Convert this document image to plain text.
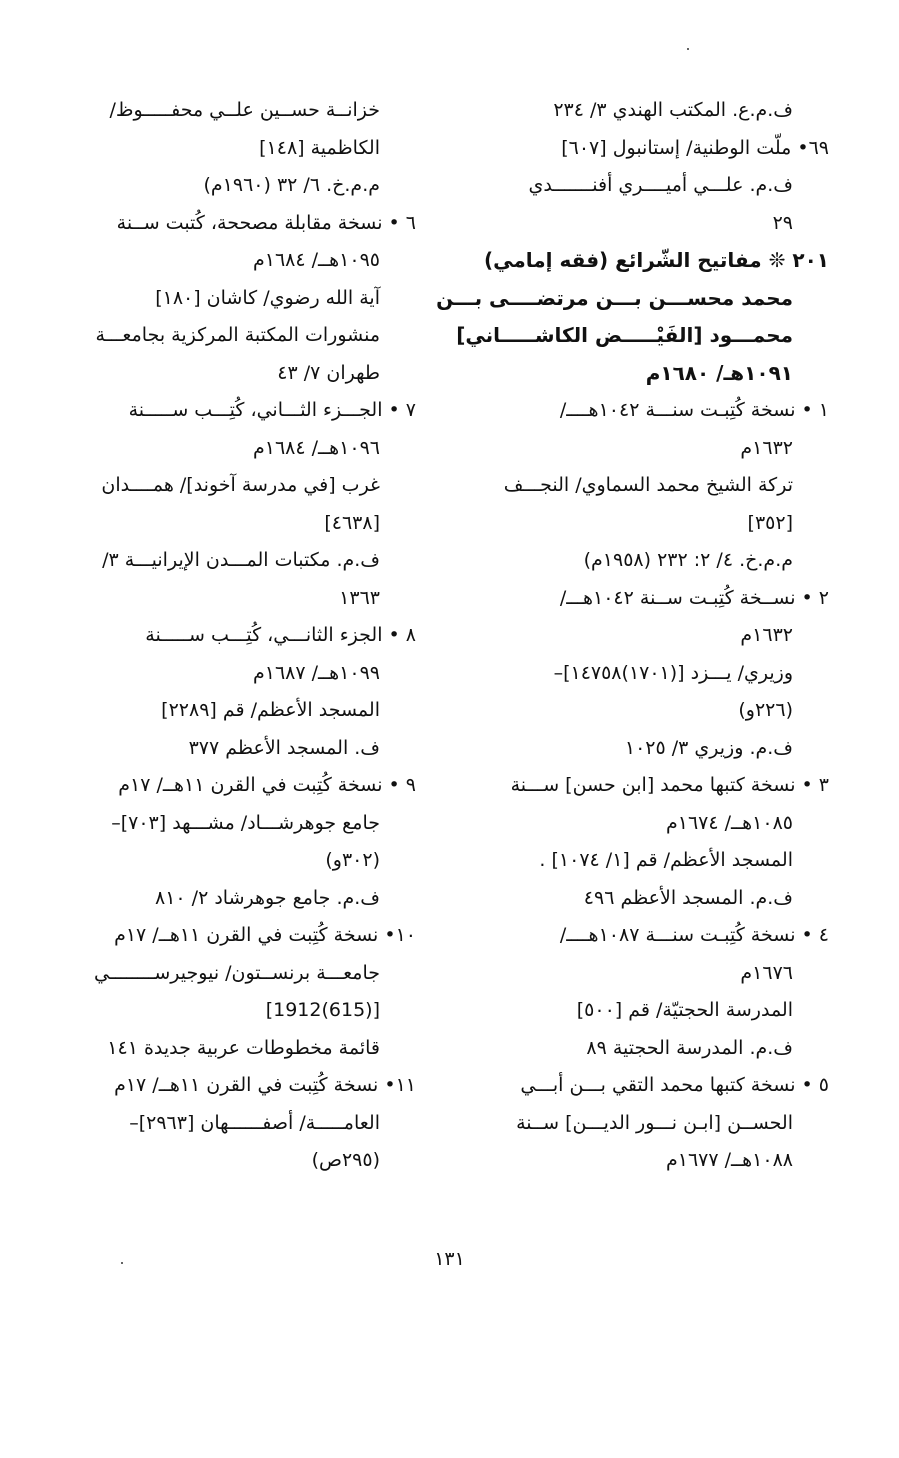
ف.م.ع. المكتب الهندي ٣/ ٢٣٤
٦٩• ملّت الوطنية/ إستانبول [٦٠٧]
ف.م. علـــي أميــــري أفنـــــــدي
٢٩
٢٠١ ❊ مفاتيح الشّرائع (فقه إمامي)
محمد محســـن بـــن مرتضــــى بـــن
محمـــود [الفَيْـــــض الكاشـــــاني]
١٠٩١هـ/ ١٦٨٠م
١ • نسخة كُتِبـت سنـــة ١٠٤٢هــــ/
١٦٣٢م
تركة الشيخ محمد السماوي/ النجـــف
[٣٥٢]
م.م.خ. ٤/ ٢: ٢٣٢ (١٩٥٨م)
٢ • نســخة كُتِبـت ســنة ١٠٤٢هـــ/
١٦٣٢م
وزيري/ يـــزد [(١٧٠١)١٤٧٥٨]–
(٢٢٦و)
ف.م. وزيري ٣/ ١٠٢٥
٣ • نسخة كتبها محمد [ابن حسن] ســـنة
١٠٨٥هــ/ ١٦٧٤م
المسجد الأعظم/ قم [١/ ١٠٧٤] .
ف.م. المسجد الأعظم ٤٩٦
٤ • نسخة كُتِبـت سنـــة ١٠٨٧هــــ/
١٦٧٦م
المدرسة الحجتيّة/ قم [٥٠٠]
ف.م. المدرسة الحجتية ٨٩
٥ • نسخة كتبها محمد التقي بـــن أبـــي
الحســن [ابـن نـــور الديـــن] ســنة
١٠٨٨هــ/ ١٦٧٧م
خزانــة حســين علــي محفـــــوظ/
الكاظمية [١٤٨]
م.م.خ. ٦/ ٣٢ (١٩٦٠م)
٦ • نسخة مقابلة مصححة، كُتبت ســنة
١٠٩٥هــ/ ١٦٨٤م
آية الله رضوي/ كاشان [١٨٠]
منشورات المكتبة المركزية بجامعـــة
طهران ٧/ ٤٣
٧ • الجـــزء الثـــاني، كُتِـــب ســـــنة
١٠٩٦هــ/ ١٦٨٤م
غرب [في مدرسة آخوند]/ همــــدان
[٤٦٣٨]
ف.م. مكتبات المـــدن الإيرانيـــة ٣/
١٣٦٣
٨ • الجزء الثانـــي، كُتِـــب ســـــنة
١٠٩٩هــ/ ١٦٨٧م
المسجد الأعظم/ قم [٢٢٨٩]
ف. المسجد الأعظم ٣٧٧
٩ • نسخة كُتِبت في القرن ١١هــ/ ١٧م
جامع جوهرشـــاد/ مشـــهد [٧٠٣]–
(٣٠٢و)
ف.م. جامع جوهرشاد ٢/ ٨١٠
١٠• نسخة كُتِبت في القرن ١١هــ/ ١٧م
جامعـــة برنســتون/ نيوجيرســــــــي
[(615)1912]
قائمة مخطوطات عربية جديدة ١٤١
١١• نسخة كُتِبت في القرن ١١هــ/ ١٧م
العامـــــة/ أصفــــــهان [٢٩٦٣]–
(٢٩٥ص)
١٣١
